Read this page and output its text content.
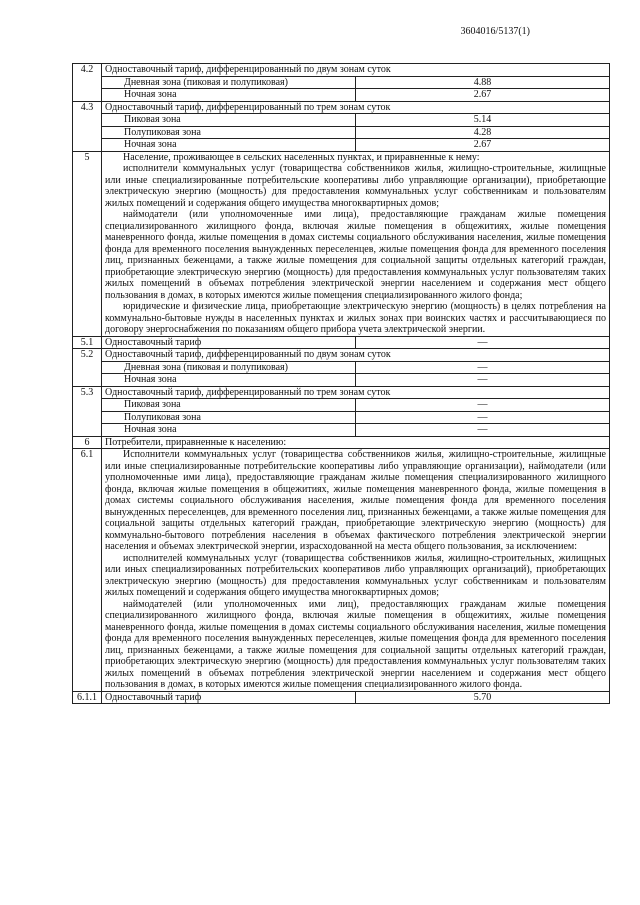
3604016/5137(1)
4.2	Одноставочный тариф, дифференцированный по двум зонам суток	
	Дневная зона (пиковая и полупиковая)	4.88
	Ночная зона	2.67
4.3	Одноставочный тариф, дифференцированный по трем зонам суток	
	Пиковая зона	5.14
	Полупиковая зона	4.28
	Ночная зона	2.67
5	Население, проживающее в сельских населенных пунктах, и приравненные к нему:

исполнители коммунальных услуг (товарищества собственников жилья, жилищно-строительные, жилищные или иные специализированные потребительские кооперативы либо управляющие организации), приобретающие электрическую энергию (мощность) для предоставления коммунальных услуг собственникам и пользователям жилых помещений и содержания общего имущества многоквартирных домов;

наймодатели (или уполномоченные ими лица), предоставляющие гражданам жилые помещения специализированного жилищного фонда, включая жилые помещения в общежитиях, жилые помещения маневренного фонда, жилые помещения в домах системы социального обслуживания населения, жилые помещения фонда для временного поселения вынужденных переселенцев, жилые помещения фонда для временного поселения лиц, признанных беженцами, а также жилые помещения для социальной защиты отдельных категорий граждан, приобретающие электрическую энергию (мощность) для предоставления коммунальных услуг пользователям таких жилых помещений в объемах потребления электрической энергии населением и содержания мест общего пользования в домах, в которых имеются жилые помещения специализированного жилого фонда;

юридические и физические лица, приобретающие электрическую энергию (мощность) в целях потребления на коммунально-бытовые нужды в населенных пунктах и жилых зонах при воинских частях и рассчитывающиеся по договору энергоснабжения по показаниям общего прибора учета электрической энергии.	

5.1	Одноставочный тариф	—
5.2	Одноставочный тариф, дифференцированный по двум зонам суток	
	Дневная зона (пиковая и полупиковая)	—
	Ночная зона	—
5.3	Одноставочный тариф, дифференцированный по трем зонам суток	
	Пиковая зона	—
	Полупиковая зона	—
	Ночная зона	—
6	Потребители, приравненные к населению:	
6.1	Исполнители коммунальных услуг (товарищества собственников жилья, жилищно-строительные, жилищные или иные специализированные потребительские кооперативы либо управляющие организации), наймодатели (или уполномоченные ими лица), предоставляющие гражданам жилые помещения специализированного жилищного фонда, включая жилые помещения в общежитиях, жилые помещения маневренного фонда, жилые помещения в домах системы социального обслуживания населения, жилые помещения фонда для временного поселения вынужденных переселенцев, для временного поселения лиц, признанных беженцами, а также жилые помещения для социальной защиты отдельных категорий граждан, приобретающие электрическую энергию (мощность) для коммунально-бытового потребления населения в объемах фактического потребления электрической энергии населения и объемах электрической энергии, израсходованной на места общего пользования, за исключением:

исполнителей коммунальных услуг (товарищества собственников жилья, жилищно-строительных, жилищных или иных специализированных потребительских кооперативов либо управляющих организаций), приобретающих электрическую энергию (мощность) для предоставления коммунальных услуг собственникам и пользователям жилых помещений и содержания общего имущества многоквартирных домов;

наймодателей (или уполномоченных ими лиц), предоставляющих гражданам жилые помещения специализированного жилищного фонда, включая жилые помещения в общежитиях, жилые помещения маневренного фонда, жилые помещения в домах системы социального обслуживания населения, жилые помещения фонда для временного поселения вынужденных переселенцев, жилые помещения фонда для временного поселения лиц, признанных беженцами, а также жилые помещения для социальной защиты отдельных категорий граждан, приобретающих электрическую энергию (мощность) для предоставления коммунальных услуг пользователям таких жилых помещений в объемах потребления электрической энергии населением и содержания мест общего пользования в домах, в которых имеются жилые помещения специализированного жилого фонда.	

6.1.1	Одноставочный тариф	5.70
